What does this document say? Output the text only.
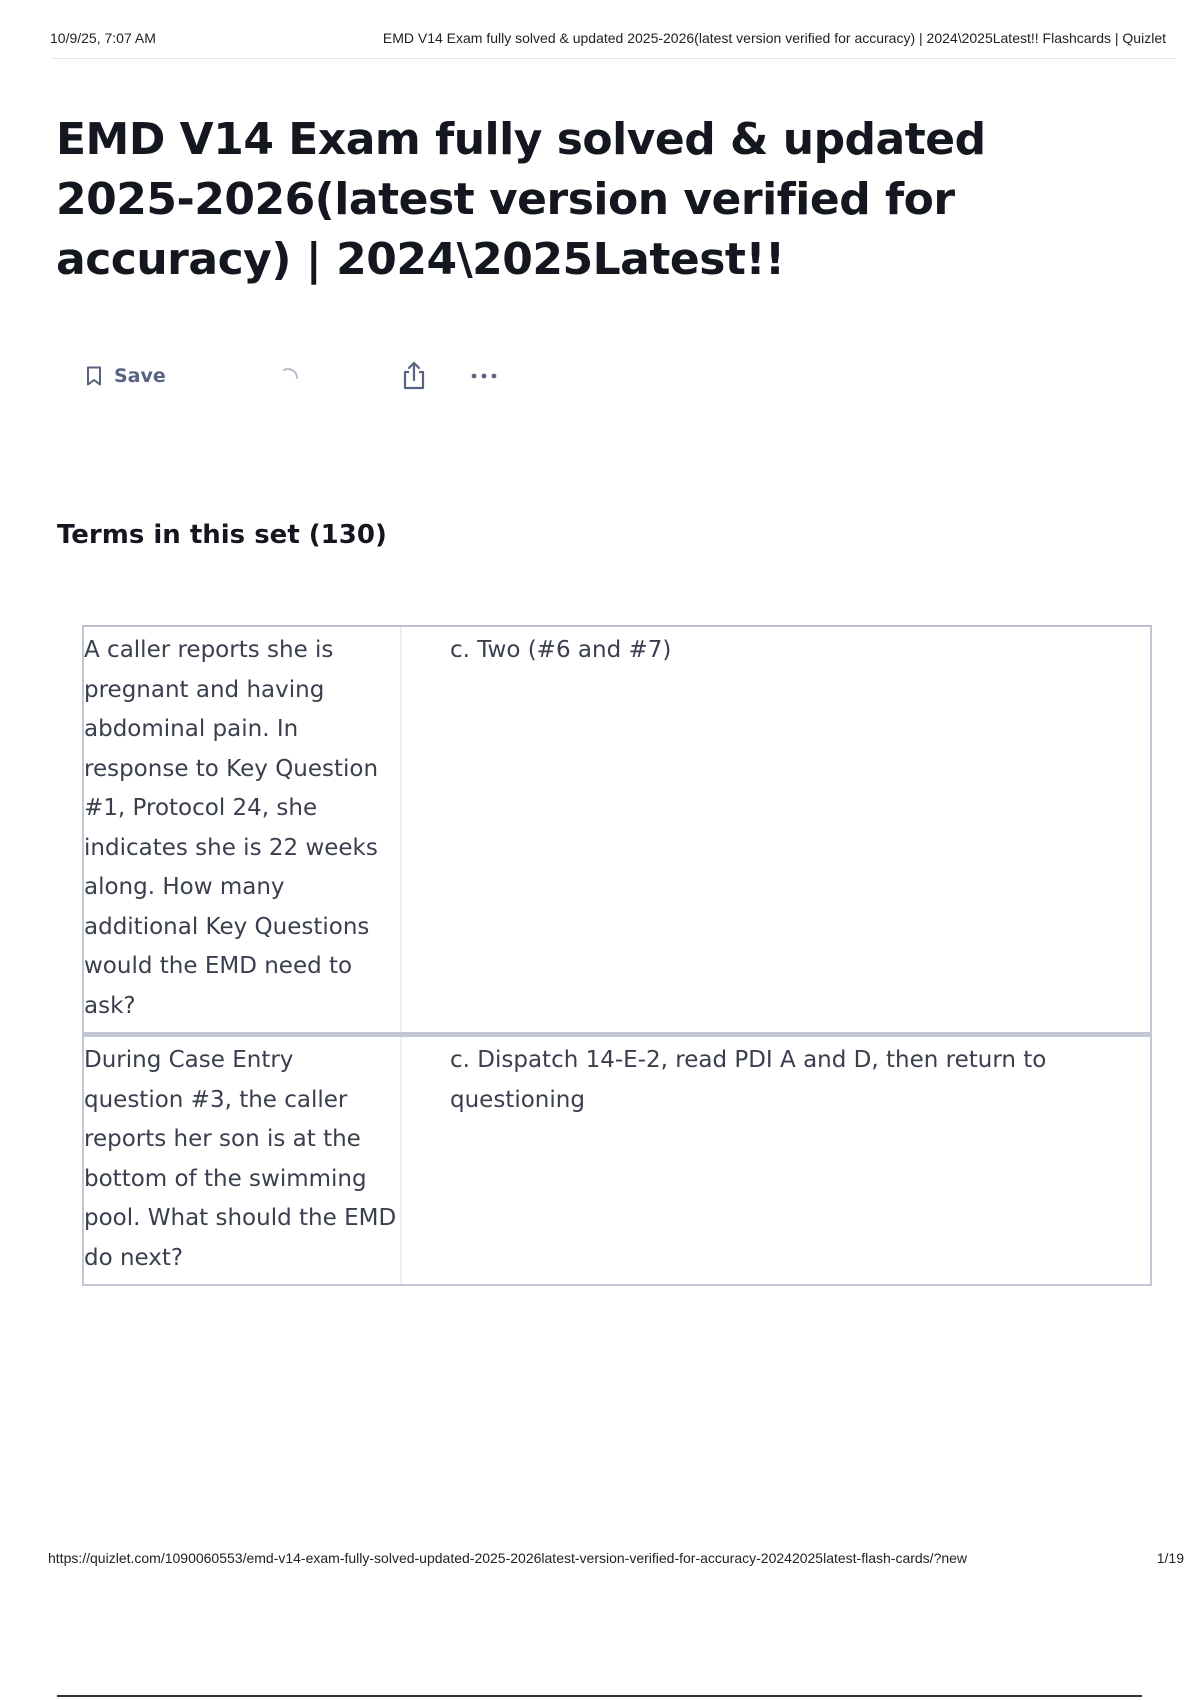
10/9/25, 7:07 AM	EMD V14 Exam fully solved & updated 2025-2026(latest version verified for accuracy) | 2024\2025Latest!! Flashcards | Quizlet
EMD V14 Exam fully solved & updated 2025-2026(latest version verified for accuracy) | 2024\2025Latest!!
Save
Terms in this set (130)
A caller reports she is pregnant and having abdominal pain. In response to Key Question #1, Protocol 24, she indicates she is 22 weeks along. How many additional Key Questions would the EMD need to ask?
c. Two (#6 and #7)
During Case Entry question #3, the caller reports her son is at the bottom of the swimming pool. What should the EMD do next?
c. Dispatch 14-E-2, read PDI A and D, then return to questioning
https://quizlet.com/1090060553/emd-v14-exam-fully-solved-updated-2025-2026latest-version-verified-for-accuracy-20242025latest-flash-cards/?new	1/19
